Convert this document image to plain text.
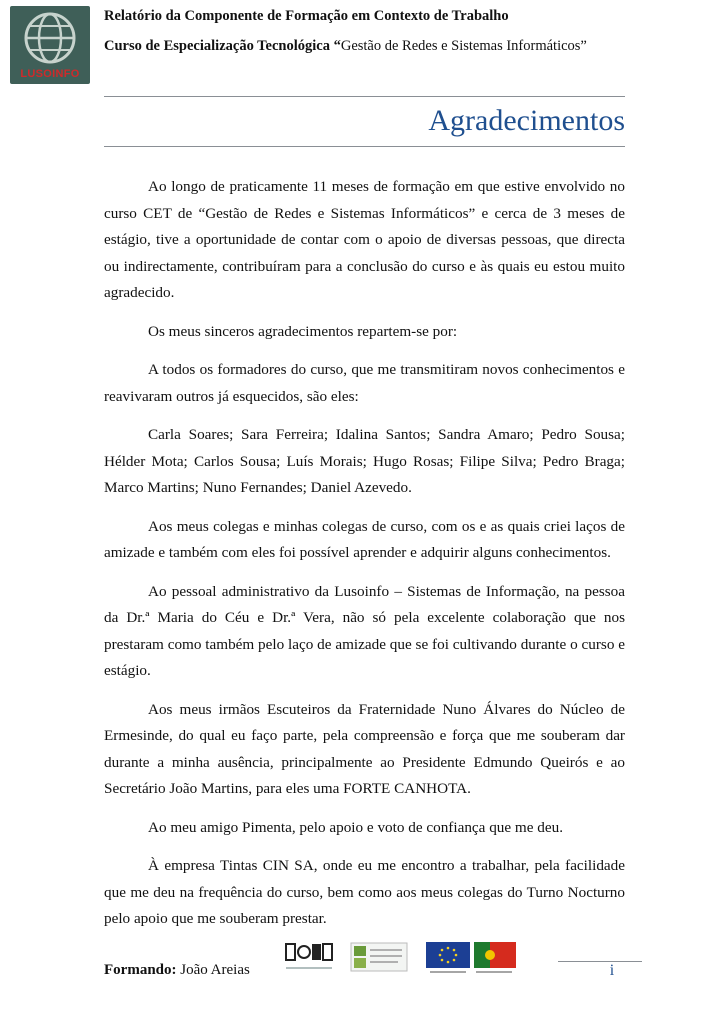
LUSOINFO
Relatório da Componente de Formação em Contexto de Trabalho
Curso de Especialização Tecnológica “Gestão de Redes e Sistemas Informáticos”
Agradecimentos

Ao longo de praticamente 11 meses de formação em que estive envolvido no curso CET de “Gestão de Redes e Sistemas Informáticos” e cerca de 3 meses de estágio, tive a oportunidade de contar com o apoio de diversas pessoas, que directa ou indirectamente, contribuíram para a conclusão do curso e às quais eu estou muito agradecido.

Os meus sinceros agradecimentos repartem-se por:

A todos os formadores do curso, que me transmitiram novos conhecimentos e reavivaram outros já esquecidos, são eles:

Carla Soares; Sara Ferreira; Idalina Santos; Sandra Amaro; Pedro Sousa; Hélder Mota; Carlos Sousa; Luís Morais; Hugo Rosas; Filipe Silva; Pedro Braga; Marco Martins; Nuno Fernandes; Daniel Azevedo.

Aos meus colegas e minhas colegas de curso, com os e as quais criei laços de amizade e também com eles foi possível aprender e adquirir alguns conhecimentos.

Ao pessoal administrativo da Lusoinfo – Sistemas de Informação, na pessoa da Dr.ª Maria do Céu e Dr.ª Vera, não só pela excelente colaboração que nos prestaram como também pelo laço de amizade que se foi cultivando durante o curso e estágio.

Aos meus irmãos Escuteiros da Fraternidade Nuno Álvares do Núcleo de Ermesinde, do qual eu faço parte, pela compreensão e força que me souberam dar durante a minha ausência, principalmente ao Presidente Edmundo Queirós e ao Secretário João Martins, para eles uma FORTE CANHOTA.

Ao meu amigo Pimenta, pelo apoio e voto de confiança que me deu.

À empresa Tintas CIN SA, onde eu me encontro a trabalhar, pela facilidade que me deu na frequência do curso, bem como aos meus colegas do Turno Nocturno pelo apoio que me souberam prestar.

Formando: João Areias	i
